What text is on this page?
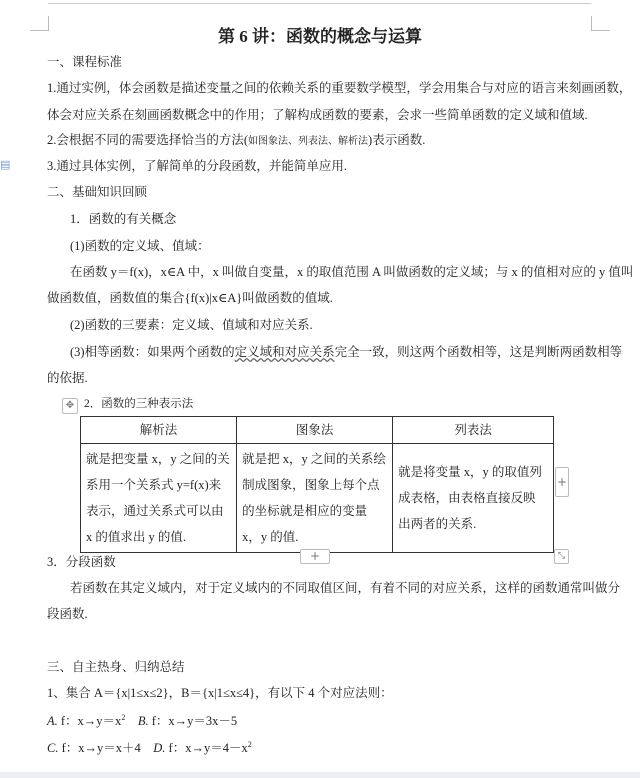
▤
第 6 讲：函数的概念与运算
一、课程标准
1.通过实例，体会函数是描述变量之间的依赖关系的重要数学模型，学会用集合与对应的语言来刻画函数，
体会对应关系在刻画函数概念中的作用；了解构成函数的要素，会求一些简单函数的定义域和值域.
2.会根据不同的需要选择恰当的方法(如图象法、列表法、解析法)表示函数.
3.通过具体实例，了解简单的分段函数，并能简单应用.
二、基础知识回顾
1．函数的有关概念
(1)函数的定义域、值域：
在函数 y＝f(x)，x∈A 中，x 叫做自变量，x 的取值范围 A 叫做函数的定义域；与 x 的值相对应的 y 值叫
做函数值，函数值的集合{f(x)|x∈A}叫做函数的值域.
(2)函数的三要素：定义域、值域和对应关系.
(3)相等函数：如果两个函数的定义域和对应关系完全一致，则这两个函数相等，这是判断两函数相等
的依据.
✥ 2．函数的三种表示法
解析法	图象法	列表法
就是把变量 x，y 之间的关系用一个关系式 y=f(x)来表示，通过关系式可以由 x 的值求出 y 的值.	就是把 x，y 之间的关系绘制成图象，图象上每个点的坐标就是相应的变量 x，y 的值.	就是将变量 x，y 的取值列成表格，由表格直接反映出两者的关系.
+
+	⤡
3．分段函数
若函数在其定义域内，对于定义域内的不同取值区间，有着不同的对应关系，这样的函数通常叫做分
段函数.
三、自主热身、归纳总结
1、集合 A＝{x|1≤x≤2}，B＝{x|1≤x≤4}，有以下 4 个对应法则：
A. f：$x\to y=x^2$ B. f：x→y＝3x－5
C. f：x→y＝x＋4 D. f：$x\to y=4-x^2$
